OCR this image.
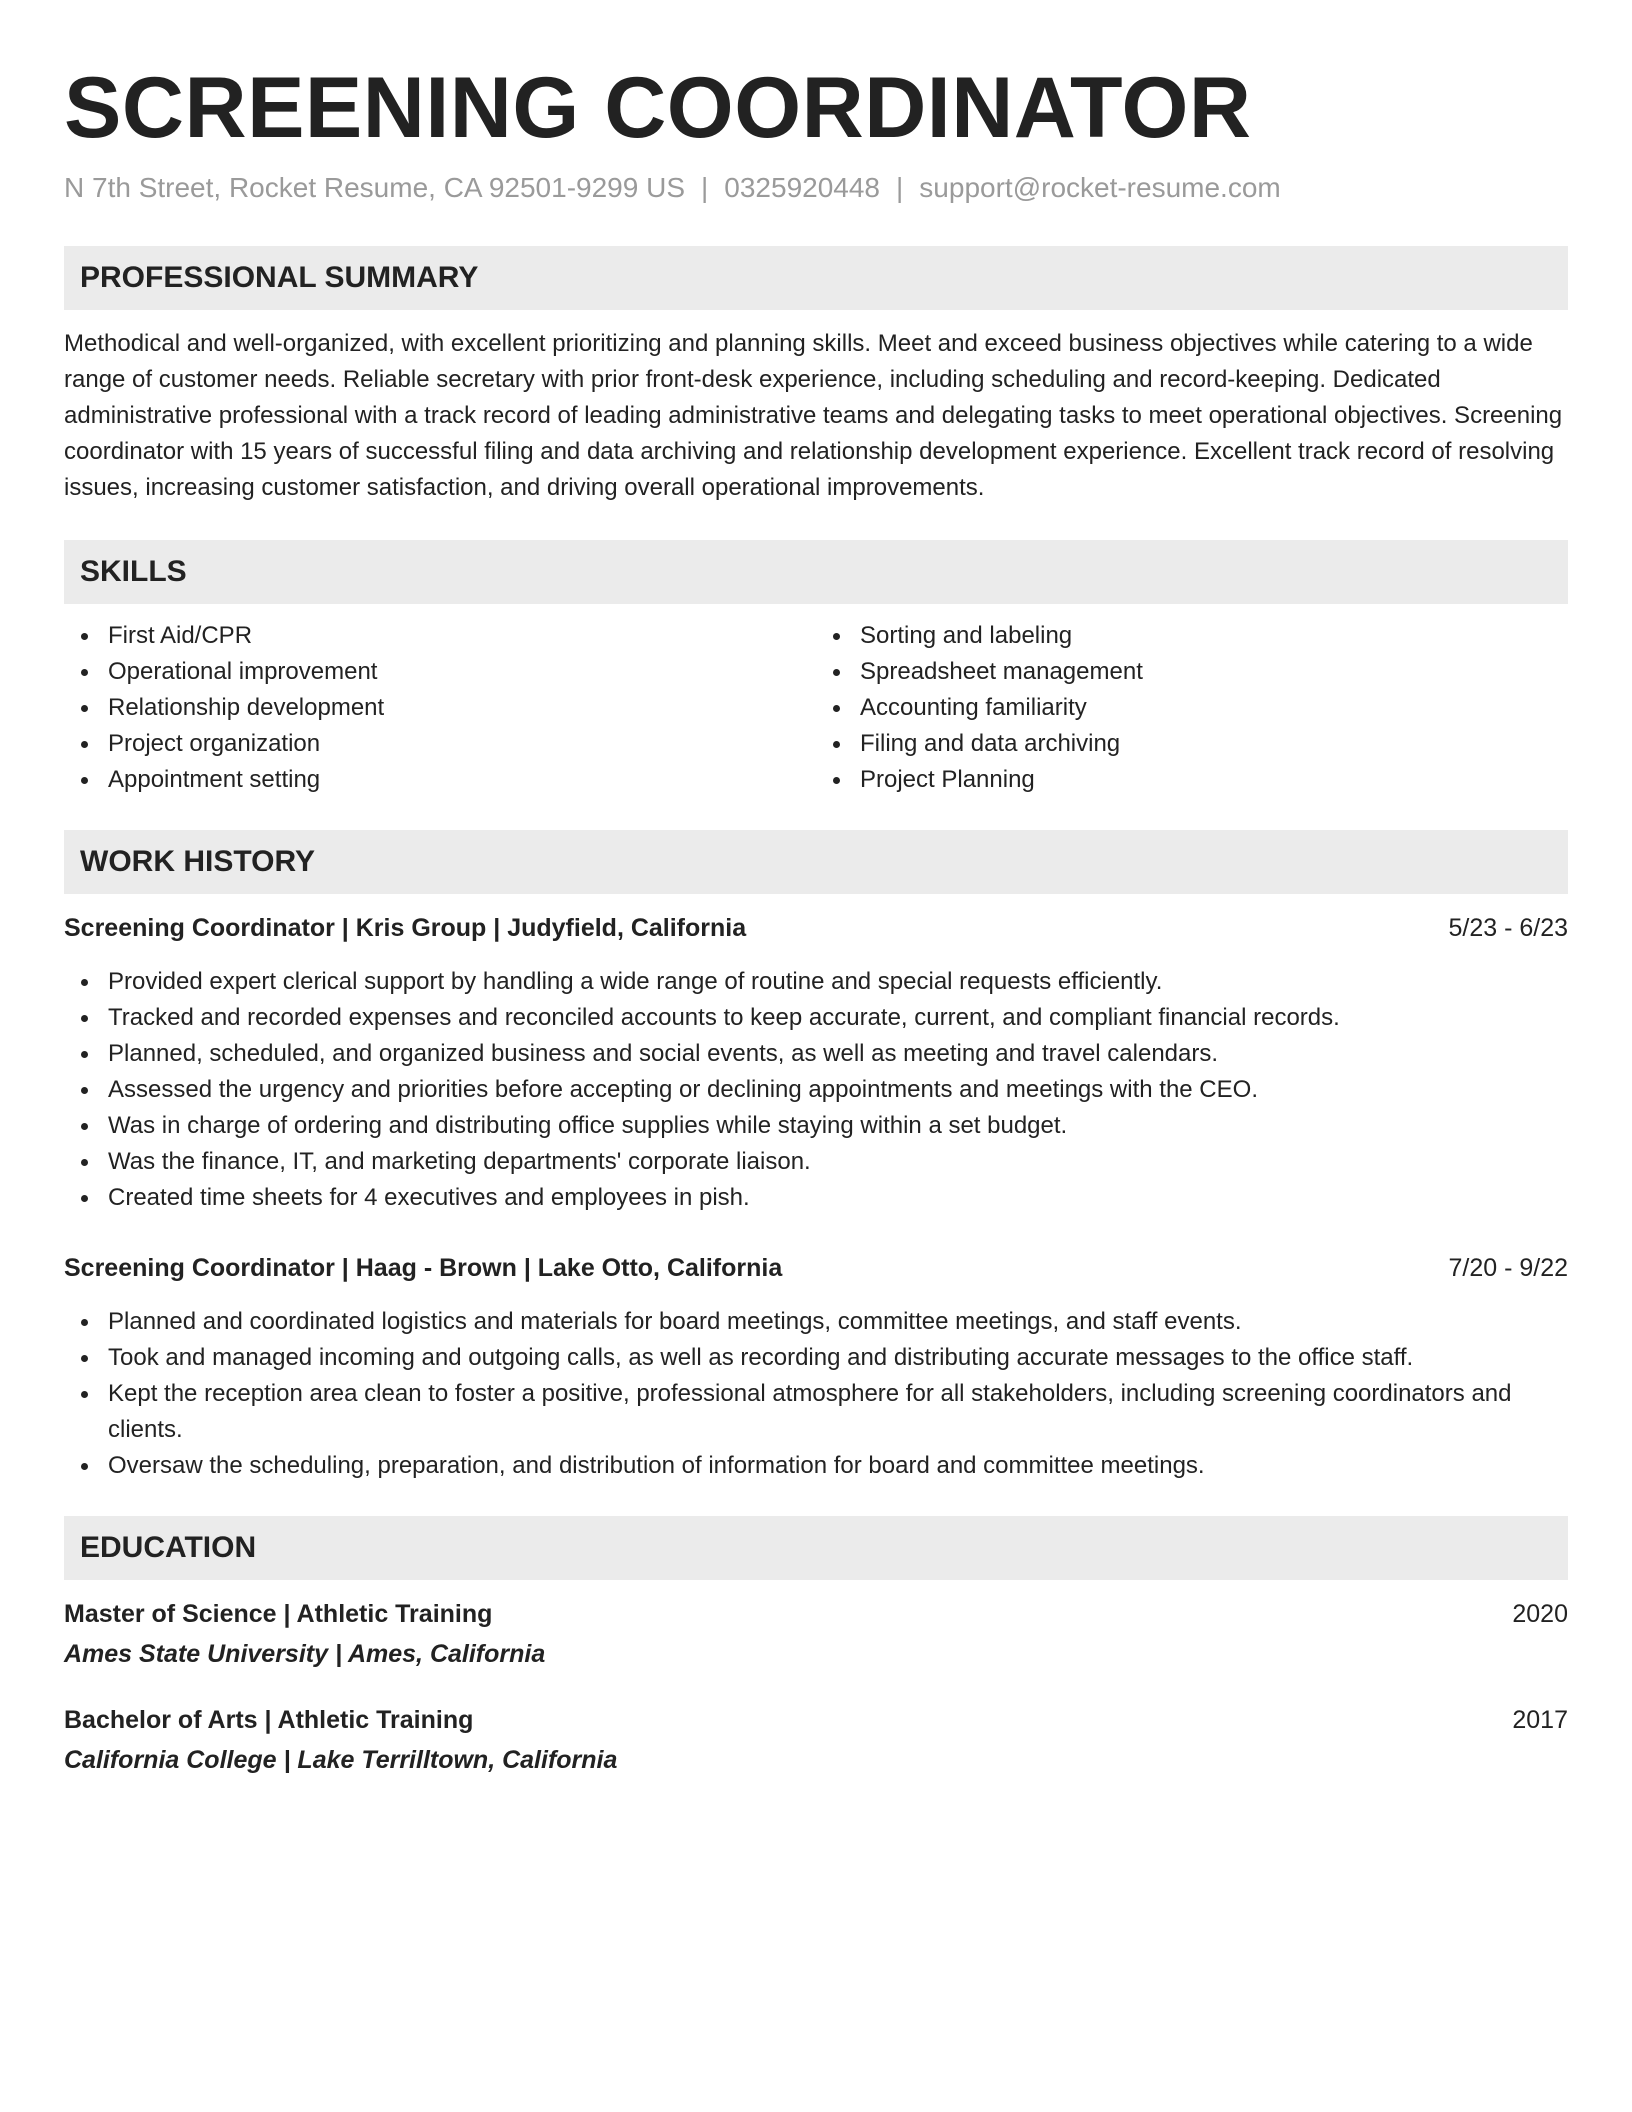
SCREENING COORDINATOR
N 7th Street, Rocket Resume, CA 92501-9299 US | 0325920448 | support@rocket-resume.com
PROFESSIONAL SUMMARY

Methodical and well-organized, with excellent prioritizing and planning skills. Meet and exceed business objectives while catering to a wide range of customer needs. Reliable secretary with prior front-desk experience, including scheduling and record-keeping. Dedicated administrative professional with a track record of leading administrative teams and delegating tasks to meet operational objectives. Screening coordinator with 15 years of successful filing and data archiving and relationship development experience. Excellent track record of resolving issues, increasing customer satisfaction, and driving overall operational improvements.

SKILLS
First Aid/CPR
Operational improvement
Relationship development
Project organization
Appointment setting
Sorting and labeling
Spreadsheet management
Accounting familiarity
Filing and data archiving
Project Planning
WORK HISTORY
Screening Coordinator | Kris Group | Judyfield, California	5/23 - 6/23
Provided expert clerical support by handling a wide range of routine and special requests efficiently.
Tracked and recorded expenses and reconciled accounts to keep accurate, current, and compliant financial records.
Planned, scheduled, and organized business and social events, as well as meeting and travel calendars.
Assessed the urgency and priorities before accepting or declining appointments and meetings with the CEO.
Was in charge of ordering and distributing office supplies while staying within a set budget.
Was the finance, IT, and marketing departments' corporate liaison.
Created time sheets for 4 executives and employees in pish.
Screening Coordinator | Haag - Brown | Lake Otto, California	7/20 - 9/22
Planned and coordinated logistics and materials for board meetings, committee meetings, and staff events.
Took and managed incoming and outgoing calls, as well as recording and distributing accurate messages to the office staff.
Kept the reception area clean to foster a positive, professional atmosphere for all stakeholders, including screening coordinators and clients.
Oversaw the scheduling, preparation, and distribution of information for board and committee meetings.
EDUCATION
Master of Science | Athletic Training	2020
Ames State University | Ames, California
Bachelor of Arts | Athletic Training	2017
California College | Lake Terrilltown, California
